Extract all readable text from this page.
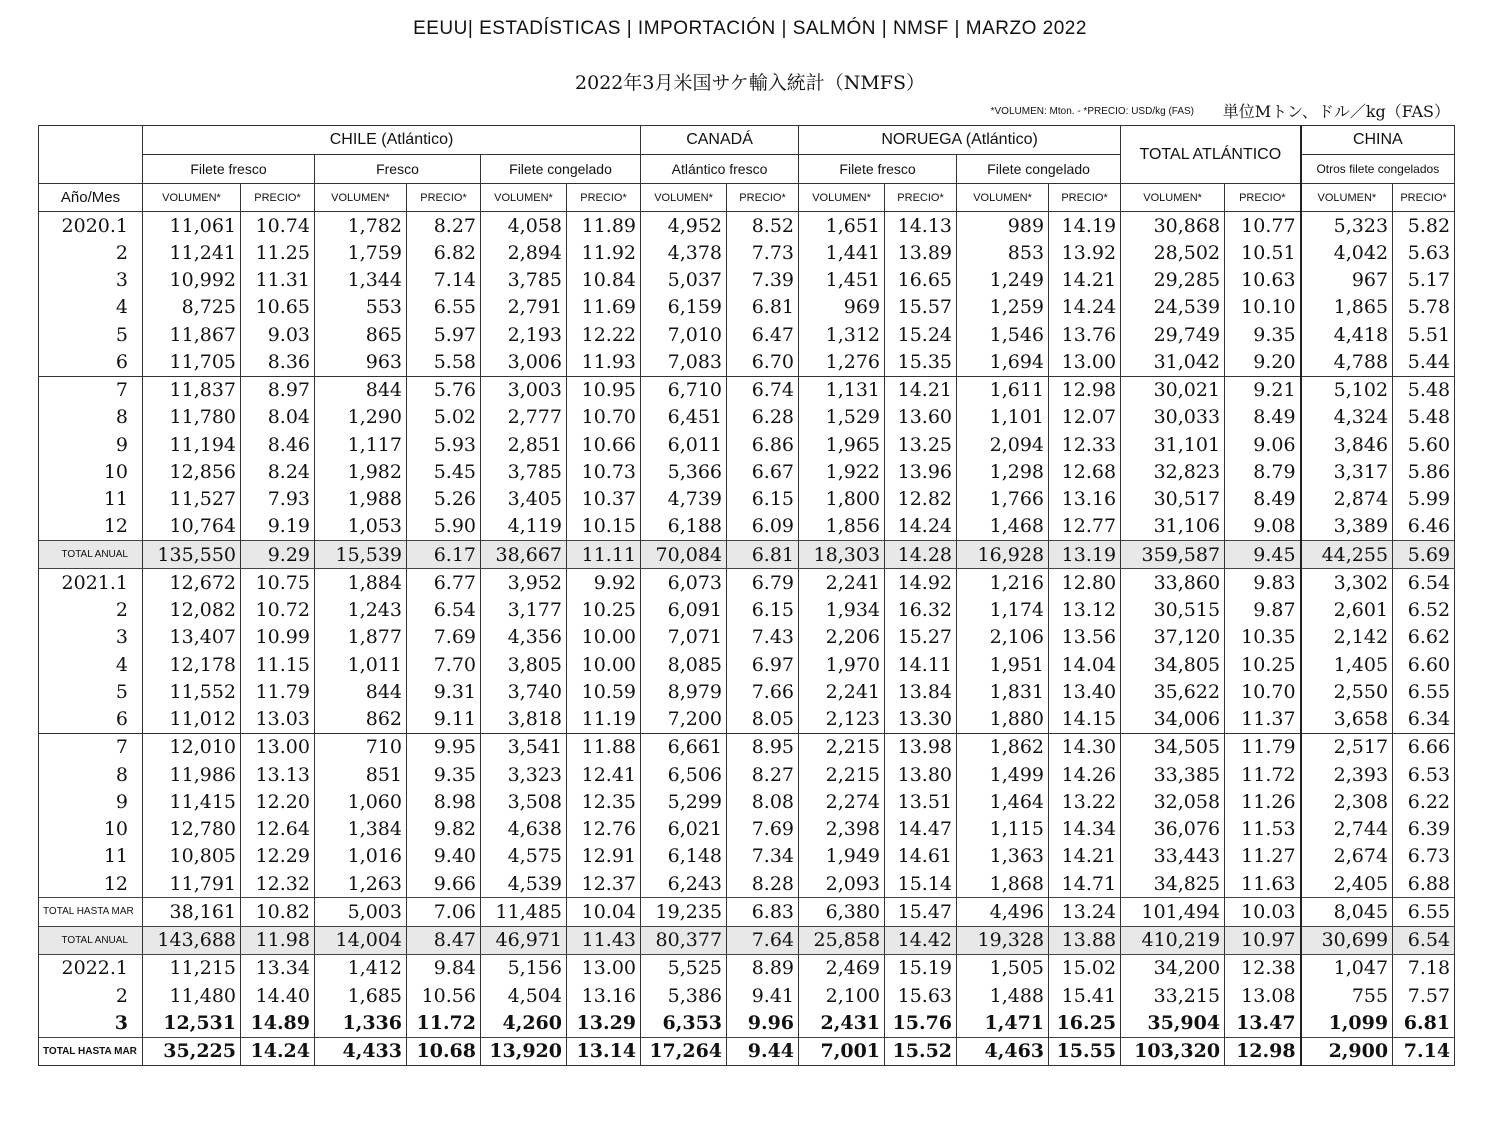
EEUU| ESTADÍSTICAS | IMPORTACIÓN | SALMÓN | NMSF | MARZO 2022
2022年3月米国サケ輸入統計（NMFS）
*VOLUMEN: Mton. - *PRECIO: USD/kg (FAS) 単位Mトン、ドル／kg（FAS）
	CHILE (Atlántico)						CANADÁ		NORUEGA (Atlántico)				TOTAL ATLÁNTICO		CHINA	
	Filete fresco		Fresco		Filete congelado		Atlántico fresco		Filete fresco		Filete congelado				Otros filete congelados	
Año/Mes	VOLUMEN*	PRECIO*	VOLUMEN*	PRECIO*	VOLUMEN*	PRECIO*	VOLUMEN*	PRECIO*	VOLUMEN*	PRECIO*	VOLUMEN*	PRECIO*	VOLUMEN*	PRECIO*	VOLUMEN*	PRECIO*
2020.1	11,061	10.74	1,782	8.27	4,058	11.89	4,952	8.52	1,651	14.13	989	14.19	30,868	10.77	5,323	5.82
2	11,241	11.25	1,759	6.82	2,894	11.92	4,378	7.73	1,441	13.89	853	13.92	28,502	10.51	4,042	5.63
3	10,992	11.31	1,344	7.14	3,785	10.84	5,037	7.39	1,451	16.65	1,249	14.21	29,285	10.63	967	5.17
4	8,725	10.65	553	6.55	2,791	11.69	6,159	6.81	969	15.57	1,259	14.24	24,539	10.10	1,865	5.78
5	11,867	9.03	865	5.97	2,193	12.22	7,010	6.47	1,312	15.24	1,546	13.76	29,749	9.35	4,418	5.51
6	11,705	8.36	963	5.58	3,006	11.93	7,083	6.70	1,276	15.35	1,694	13.00	31,042	9.20	4,788	5.44
7	11,837	8.97	844	5.76	3,003	10.95	6,710	6.74	1,131	14.21	1,611	12.98	30,021	9.21	5,102	5.48
8	11,780	8.04	1,290	5.02	2,777	10.70	6,451	6.28	1,529	13.60	1,101	12.07	30,033	8.49	4,324	5.48
9	11,194	8.46	1,117	5.93	2,851	10.66	6,011	6.86	1,965	13.25	2,094	12.33	31,101	9.06	3,846	5.60
10	12,856	8.24	1,982	5.45	3,785	10.73	5,366	6.67	1,922	13.96	1,298	12.68	32,823	8.79	3,317	5.86
11	11,527	7.93	1,988	5.26	3,405	10.37	4,739	6.15	1,800	12.82	1,766	13.16	30,517	8.49	2,874	5.99
12	10,764	9.19	1,053	5.90	4,119	10.15	6,188	6.09	1,856	14.24	1,468	12.77	31,106	9.08	3,389	6.46
TOTAL ANUAL	135,550	9.29	15,539	6.17	38,667	11.11	70,084	6.81	18,303	14.28	16,928	13.19	359,587	9.45	44,255	5.69
2021.1	12,672	10.75	1,884	6.77	3,952	9.92	6,073	6.79	2,241	14.92	1,216	12.80	33,860	9.83	3,302	6.54
2	12,082	10.72	1,243	6.54	3,177	10.25	6,091	6.15	1,934	16.32	1,174	13.12	30,515	9.87	2,601	6.52
3	13,407	10.99	1,877	7.69	4,356	10.00	7,071	7.43	2,206	15.27	2,106	13.56	37,120	10.35	2,142	6.62
4	12,178	11.15	1,011	7.70	3,805	10.00	8,085	6.97	1,970	14.11	1,951	14.04	34,805	10.25	1,405	6.60
5	11,552	11.79	844	9.31	3,740	10.59	8,979	7.66	2,241	13.84	1,831	13.40	35,622	10.70	2,550	6.55
6	11,012	13.03	862	9.11	3,818	11.19	7,200	8.05	2,123	13.30	1,880	14.15	34,006	11.37	3,658	6.34
7	12,010	13.00	710	9.95	3,541	11.88	6,661	8.95	2,215	13.98	1,862	14.30	34,505	11.79	2,517	6.66
8	11,986	13.13	851	9.35	3,323	12.41	6,506	8.27	2,215	13.80	1,499	14.26	33,385	11.72	2,393	6.53
9	11,415	12.20	1,060	8.98	3,508	12.35	5,299	8.08	2,274	13.51	1,464	13.22	32,058	11.26	2,308	6.22
10	12,780	12.64	1,384	9.82	4,638	12.76	6,021	7.69	2,398	14.47	1,115	14.34	36,076	11.53	2,744	6.39
11	10,805	12.29	1,016	9.40	4,575	12.91	6,148	7.34	1,949	14.61	1,363	14.21	33,443	11.27	2,674	6.73
12	11,791	12.32	1,263	9.66	4,539	12.37	6,243	8.28	2,093	15.14	1,868	14.71	34,825	11.63	2,405	6.88
TOTAL HASTA MAR	38,161	10.82	5,003	7.06	11,485	10.04	19,235	6.83	6,380	15.47	4,496	13.24	101,494	10.03	8,045	6.55
TOTAL ANUAL	143,688	11.98	14,004	8.47	46,971	11.43	80,377	7.64	25,858	14.42	19,328	13.88	410,219	10.97	30,699	6.54
2022.1	11,215	13.34	1,412	9.84	5,156	13.00	5,525	8.89	2,469	15.19	1,505	15.02	34,200	12.38	1,047	7.18
2	11,480	14.40	1,685	10.56	4,504	13.16	5,386	9.41	2,100	15.63	1,488	15.41	33,215	13.08	755	7.57
3	12,531	14.89	1,336	11.72	4,260	13.29	6,353	9.96	2,431	15.76	1,471	16.25	35,904	13.47	1,099	6.81
TOTAL HASTA MAR	35,225	14.24	4,433	10.68	13,920	13.14	17,264	9.44	7,001	15.52	4,463	15.55	103,320	12.98	2,900	7.14
